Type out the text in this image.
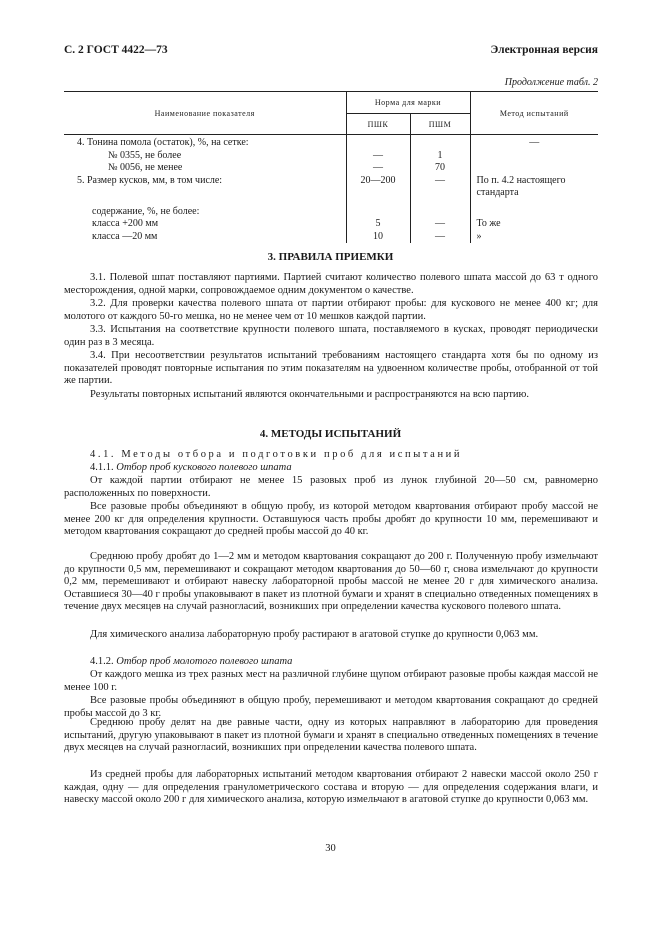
С. 2 ГОСТ 4422—73	Электронная версия
Продолжение табл. 2
Наименование показателя	Норма для марки		Метод испытаний
	ПШК	ПШМ	
4. Тонина помола (остаток), %, на сетке:			—
№ 0355, не более	—	1	
№ 0056, не менее	—	70	
5. Размер кусков, мм, в том числе:	20—200	—	По п. 4.2 настоящего стандарта
содержание, %, не более:			
класса +200 мм	5	—	То же
класса —20 мм	10	—	»
3. ПРАВИЛА ПРИЕМКИ

3.1. Полевой шпат поставляют партиями. Партией считают количество полевого шпата массой до 63 т одного месторождения, одной марки, сопровождаемое одним документом о качестве.

3.2. Для проверки качества полевого шпата от партии отбирают пробы: для кускового не менее 400 кг; для молотого от каждого 50-го мешка, но не менее чем от 10 мешков каждой партии.

3.3. Испытания на соответствие крупности полевого шпата, поставляемого в кусках, проводят периодически один раз в 3 месяца.

3.4. При несоответствии результатов испытаний требованиям настоящего стандарта хотя бы по одному из показателей проводят повторные испытания по этим показателям на удвоенном количестве пробы, отобранной от той же партии.

Результаты повторных испытаний являются окончательными и распространяются на всю партию.

4. МЕТОДЫ ИСПЫТАНИЙ

4.1. Методы отбора и подготовки проб для испытаний

4.1.1. Отбор проб кускового полевого шпата

От каждой партии отбирают не менее 15 разовых проб из лунок глубиной 20—50 см, равномерно расположенных по поверхности.

Все разовые пробы объединяют в общую пробу, из которой методом квартования отбирают пробу массой не менее 200 кг для определения крупности. Оставшуюся часть пробы дробят до крупности 10 мм, перемешивают и методом квартования сокращают до средней пробы массой до 40 кг.

Среднюю пробу дробят до 1—2 мм и методом квартования сокращают до 200 г. Полученную пробу измельчают до крупности 0,5 мм, перемешивают и сокращают методом квартования до 50—60 г, снова измельчают до крупности 0,2 мм, перемешивают и отбирают навеску лабораторной пробы массой не менее 20 г для химического анализа. Оставшиеся 30—40 г пробы упаковывают в пакет из плотной бумаги и хранят в специально отведенных помещениях в течение двух месяцев на случай разногласий, возникших при определении качества кускового полевого шпата.

Для химического анализа лабораторную пробу растирают в агатовой ступке до крупности 0,063 мм.

4.1.2. Отбор проб молотого полевого шпата

От каждого мешка из трех разных мест на различной глубине щупом отбирают разовые пробы каждая массой не менее 100 г.

Все разовые пробы объединяют в общую пробу, перемешивают и методом квартования сокращают до средней пробы массой до 3 кг.

Среднюю пробу делят на две равные части, одну из которых направляют в лабораторию для проведения испытаний, другую упаковывают в пакет из плотной бумаги и хранят в специально отведенных помещениях в течение двух месяцев на случай разногласий, возникших при определении качества полевого шпата.

Из средней пробы для лабораторных испытаний методом квартования отбирают 2 навески массой около 250 г каждая, одну — для определения гранулометрического состава и вторую — для определения содержания влаги, и навеску массой около 200 г для химического анализа, которую измельчают в агатовой ступке до крупности 0,063 мм.

30
